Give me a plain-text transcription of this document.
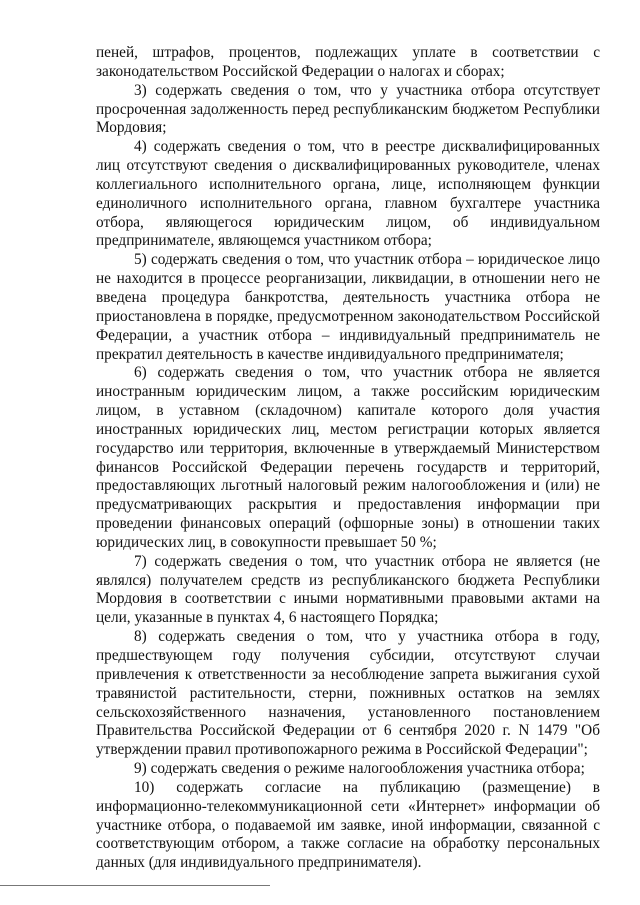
пеней, штрафов, процентов, подлежащих уплате в соответствии с законодательством Российской Федерации о налогах и сборах;

3) содержать сведения о том, что у участника отбора отсутствует просроченная задолженность перед республиканским бюджетом Республики Мордовия;

4) содержать сведения о том, что в реестре дисквалифицированных лиц отсутствуют сведения о дисквалифицированных руководителе, членах коллегиального исполнительного органа, лице, исполняющем функции единоличного исполнительного органа, главном бухгалтере участника отбора, являющегося юридическим лицом, об индивидуальном предпринимателе, являющемся участником отбора;

5) содержать сведения о том, что участник отбора – юридическое лицо не находится в процессе реорганизации, ликвидации, в отношении него не введена процедура банкротства, деятельность участника отбора не приостановлена в порядке, предусмотренном законодательством Российской Федерации, а участник отбора – индивидуальный предприниматель не прекратил деятельность в качестве индивидуального предпринимателя;

6) содержать сведения о том, что участник отбора не является иностранным юридическим лицом, а также российским юридическим лицом, в уставном (складочном) капитале которого доля участия иностранных юридических лиц, местом регистрации которых является государство или территория, включенные в утверждаемый Министерством финансов Российской Федерации перечень государств и территорий, предоставляющих льготный налоговый режим налогообложения и (или) не предусматривающих раскрытия и предоставления информации при проведении финансовых операций (офшорные зоны) в отношении таких юридических лиц, в совокупности превышает 50 %;

7) содержать сведения о том, что участник отбора не является (не являлся) получателем средств из республиканского бюджета Республики Мордовия в соответствии с иными нормативными правовыми актами на цели, указанные в пунктах 4, 6 настоящего Порядка;

8) содержать сведения о том, что у участника отбора в году, предшествующем году получения субсидии, отсутствуют случаи привлечения к ответственности за несоблюдение запрета выжигания сухой травянистой растительности, стерни, пожнивных остатков на землях сельскохозяйственного назначения, установленного постановлением Правительства Российской Федерации от 6 сентября 2020 г. N 1479 "Об утверждении правил противопожарного режима в Российской Федерации";

9) содержать сведения о режиме налогообложения участника отбора;

10) содержать согласие на публикацию (размещение) в информационно-телекоммуникационной сети «Интернет» информации об участнике отбора, о подаваемой им заявке, иной информации, связанной с соответствующим отбором, а также согласие на обработку персональных данных (для индивидуального предпринимателя).
